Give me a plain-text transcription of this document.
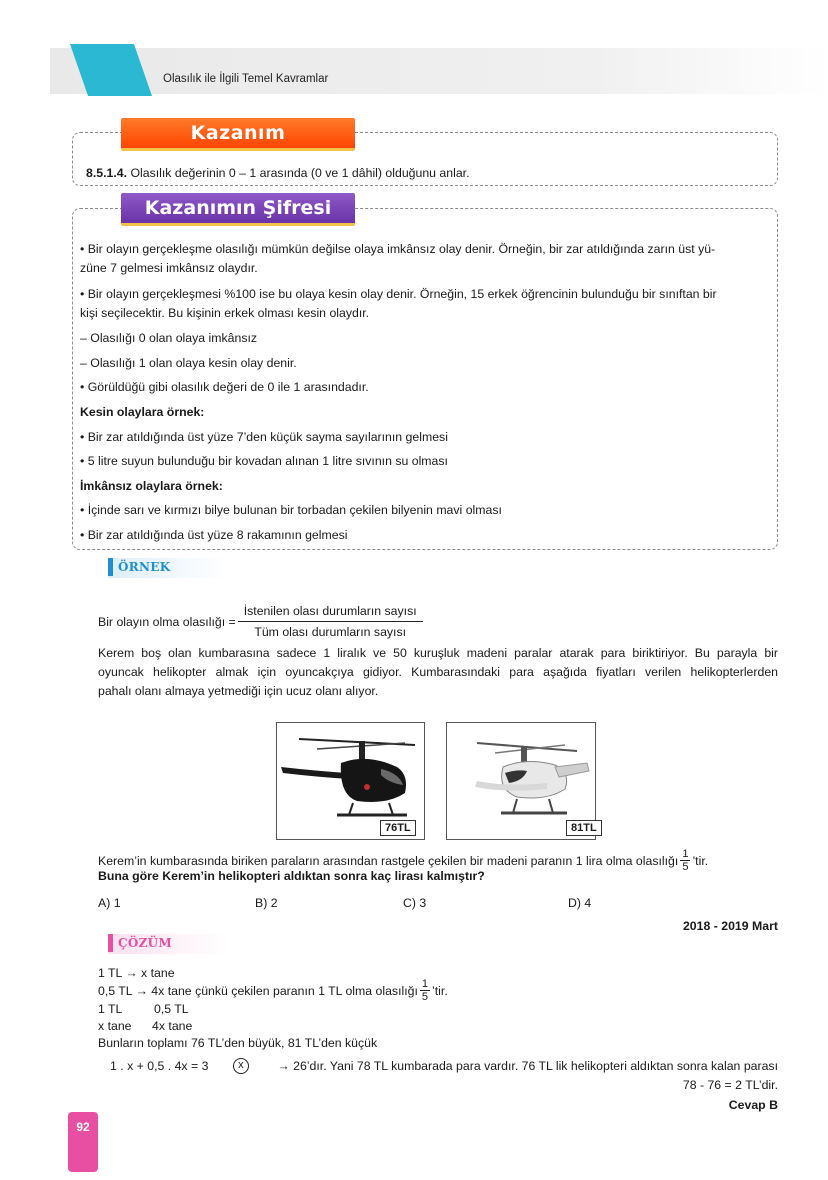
Olasılık ile İlgili Temel Kavramlar
Kazanım
8.5.1.4. Olasılık değerinin 0 – 1 arasında (0 ve 1 dâhil) olduğunu anlar.
Kazanımın Şifresi
• Bir olayın gerçekleşme olasılığı mümkün değilse olaya imkânsız olay denir. Örneğin, bir zar atıldığında zarın üst yü-
züne 7 gelmesi imkânsız olaydır.
• Bir olayın gerçekleşmesi %100 ise bu olaya kesin olay denir. Örneğin, 15 erkek öğrencinin bulunduğu bir sınıftan bir
kişi seçilecektir. Bu kişinin erkek olması kesin olaydır.
– Olasılığı 0 olan olaya imkânsız
– Olasılığı 1 olan olaya kesin olay denir.
• Görüldüğü gibi olasılık değeri de 0 ile 1 arasındadır.
Kesin olaylara örnek:
• Bir zar atıldığında üst yüze 7’den küçük sayma sayılarının gelmesi
• 5 litre suyun bulunduğu bir kovadan alınan 1 litre sıvının su olması
İmkânsız olaylara örnek:
• İçinde sarı ve kırmızı bilye bulunan bir torbadan çekilen bilyenin mavi olması
• Bir zar atıldığında üst yüze 8 rakamının gelmesi
ÖRNEK
Bir olayın olma olasılığı = $\frac{\text{İstenilen olası durumların sayısı}}{\text{Tüm olası durumların sayısı}}$
Kerem boş olan kumbarasına sadece 1 liralık ve 50 kuruşluk madeni paralar atarak para biriktiriyor. Bu parayla bir
oyuncak helikopter almak için oyuncakçıya gidiyor. Kumbarasındaki para aşağıda fiyatları verilen helikopterlerden
pahalı olanı almaya yetmediği için ucuz olanı alıyor.
76TL	81TL
Kerem’in kumbarasında biriken paraların arasından rastgele çekilen bir madeni paranın 1 lira olma olasılığı $\frac{1}{5}$ ’tir.
Buna göre Kerem’in helikopteri aldıktan sonra kaç lirası kalmıştır?
A) 1	B) 2	C) 3	D) 4
2018 - 2019 Mart
ÇÖZÜM
1 TL → x tane
0,5 TL → 4x tane çünkü çekilen paranın 1 TL olma olasılığı $\frac{1}{5}$ ’tir.
1 TL	0,5 TL
x tane 4x tane
Bunların toplamı 76 TL’den büyük, 81 TL’den küçük
1 . x + 0,5 . 4x = 3	x	→ 26’dır. Yani 78 TL kumbarada para vardır. 76 TL lik helikopteri aldıktan sonra kalan parası
78 - 76 = 2 TL’dir.
Cevap B
92
